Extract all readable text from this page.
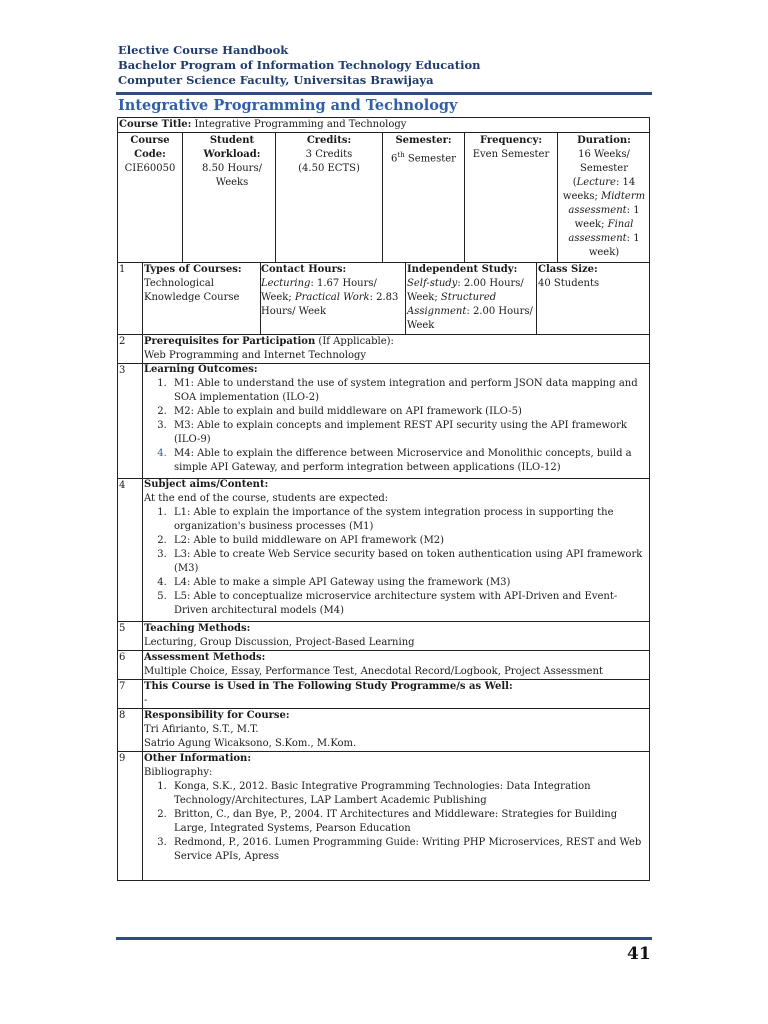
Elective Course Handbook
Bachelor Program of Information Technology Education
Computer Science Faculty, Universitas Brawijaya
Integrative Programming and Technology
Course Title: Integrative Programming and Technology
Course Code:
CIE60050
Student Workload:
8.50 Hours/ Weeks
Credits:
3 Credits
(4.50 ECTS)
Semester:
6th Semester
Frequency:
Even Semester
Duration:
16 Weeks/ Semester
(Lecture: 14 weeks; Midterm assessment: 1 week; Final assessment: 1 week)
1	Types of Courses:
Technological Knowledge Course
Contact Hours:
Lecturing: 1.67 Hours/ Week; Practical Work: 2.83 Hours/ Week
Independent Study:
Self-study: 2.00 Hours/ Week; Structured Assignment: 2.00 Hours/ Week
Class Size:
40 Students
2	Prerequisites for Participation (If Applicable):
Web Programming and Internet Technology
3	Learning Outcomes:
1. M1: Able to understand the use of system integration and perform JSON data mapping and SOA implementation (ILO-2)
2. M2: Able to explain and build middleware on API framework (ILO-5)
3. M3: Able to explain concepts and implement REST API security using the API framework (ILO-9)
4. M4: Able to explain the difference between Microservice and Monolithic concepts, build a simple API Gateway, and perform integration between applications (ILO-12)
4	Subject aims/Content:
At the end of the course, students are expected:
1. L1: Able to explain the importance of the system integration process in supporting the organization's business processes (M1)
2. L2: Able to build middleware on API framework (M2)
3. L3: Able to create Web Service security based on token authentication using API framework (M3)
4. L4: Able to make a simple API Gateway using the framework (M3)
5. L5: Able to conceptualize microservice architecture system with API-Driven and Event-Driven architectural models (M4)
5	Teaching Methods:
Lecturing, Group Discussion, Project-Based Learning
6	Assessment Methods:
Multiple Choice, Essay, Performance Test, Anecdotal Record/Logbook, Project Assessment
7	This Course is Used in The Following Study Programme/s as Well:
-
8	Responsibility for Course:
Tri Afirianto, S.T., M.T.
Satrio Agung Wicaksono, S.Kom., M.Kom.
9	Other Information:
Bibliography:
1. Konga, S.K., 2012. Basic Integrative Programming Technologies: Data Integration Technology/Architectures, LAP Lambert Academic Publishing
2. Britton, C., dan Bye, P., 2004. IT Architectures and Middleware: Strategies for Building Large, Integrated Systems, Pearson Education
3. Redmond, P., 2016. Lumen Programming Guide: Writing PHP Microservices, REST and Web Service APIs, Apress
41
